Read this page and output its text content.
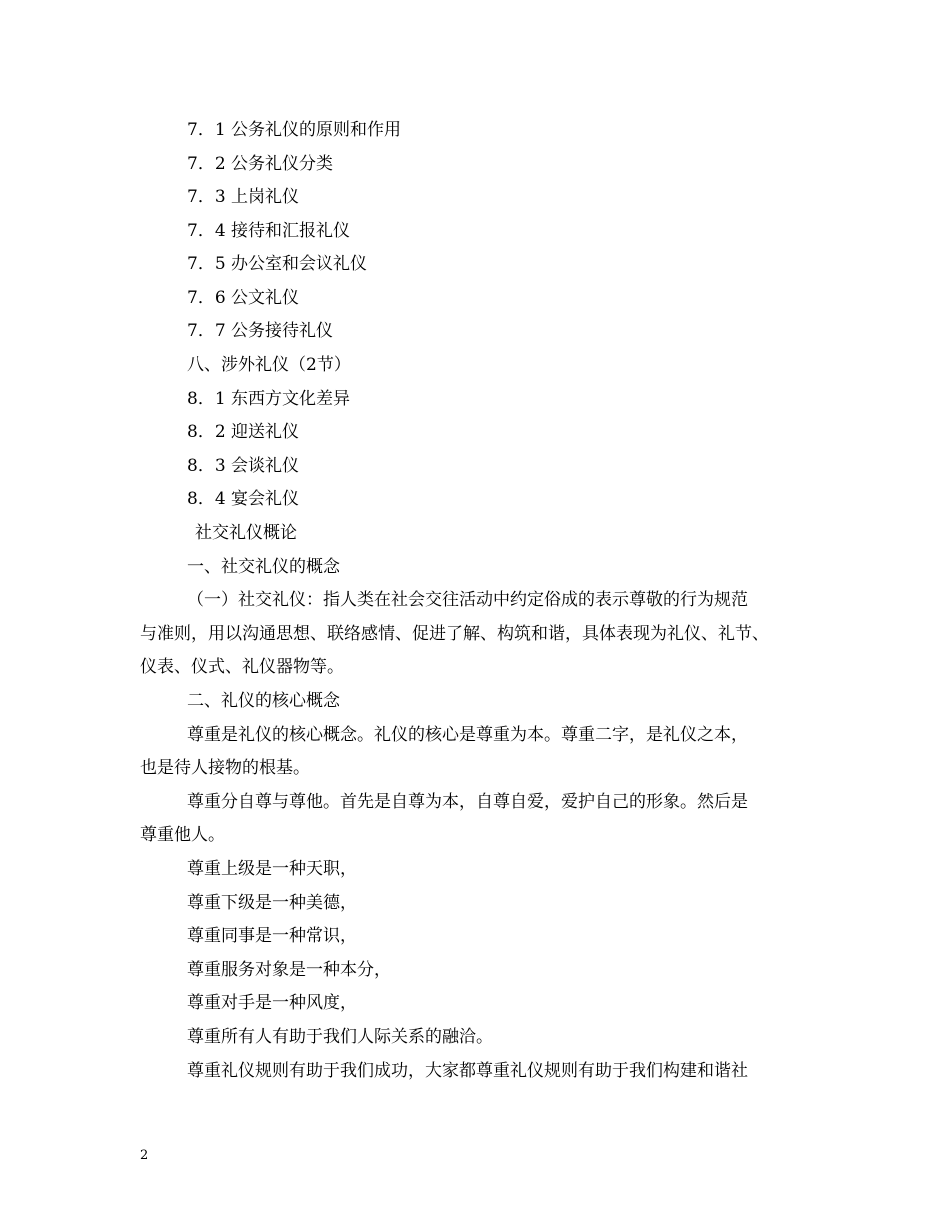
7．1 公务礼仪的原则和作用
7．2 公务礼仪分类
7．3 上岗礼仪
7．4 接待和汇报礼仪
7．5 办公室和会议礼仪
7．6 公文礼仪
7．7 公务接待礼仪
八、涉外礼仪（2节）
8．1 东西方文化差异
8．2 迎送礼仪
8．3 会谈礼仪
8．4 宴会礼仪
社交礼仪概论
一、社交礼仪的概念
（一）社交礼仪：指人类在社会交往活动中约定俗成的表示尊敬的行为规范
与准则，用以沟通思想、联络感情、促进了解、构筑和谐，具体表现为礼仪、礼节、
仪表、仪式、礼仪器物等。
二、礼仪的核心概念
尊重是礼仪的核心概念。礼仪的核心是尊重为本。尊重二字，是礼仪之本，
也是待人接物的根基。
尊重分自尊与尊他。首先是自尊为本，自尊自爱，爱护自己的形象。然后是
尊重他人。
尊重上级是一种天职，
尊重下级是一种美德，
尊重同事是一种常识，
尊重服务对象是一种本分，
尊重对手是一种风度，
尊重所有人有助于我们人际关系的融洽。
尊重礼仪规则有助于我们成功，大家都尊重礼仪规则有助于我们构建和谐社
2
